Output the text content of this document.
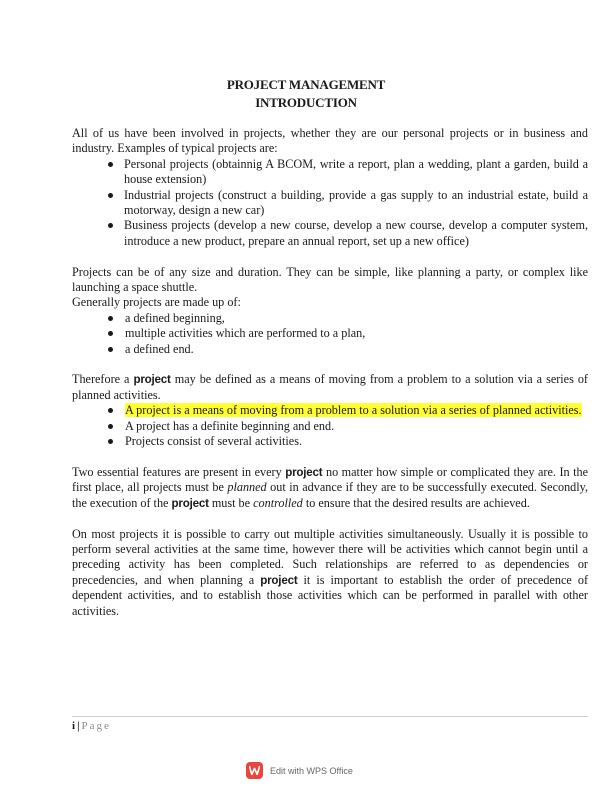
PROJECT MANAGEMENT
INTRODUCTION

All of us have been involved in projects, whether they are our personal projects or in business and industry. Examples of typical projects are:

Personal projects (obtainnig A BCOM, write a report, plan a wedding, plant a garden, build a house extension)
Industrial projects (construct a building, provide a gas supply to an industrial estate, build a motorway, design a new car)
Business projects (develop a new course, develop a new course, develop a computer system, introduce a new product, prepare an annual report, set up a new office)

Projects can be of any size and duration. They can be simple, like planning a party, or complex like launching a space shuttle.

Generally projects are made up of:

a defined beginning,
multiple activities which are performed to a plan,
a defined end.

Therefore a project may be defined as a means of moving from a problem to a solution via a series of planned activities.

A project is a means of moving from a problem to a solution via a series of planned activities.
A project has a definite beginning and end.
Projects consist of several activities.

Two essential features are present in every project no matter how simple or complicated they are. In the first place, all projects must be planned out in advance if they are to be successfully executed. Secondly, the execution of the project must be controlled to ensure that the desired results are achieved.

On most projects it is possible to carry out multiple activities simultaneously. Usually it is possible to perform several activities at the same time, however there will be activities which cannot begin until a preceding activity has been completed. Such relationships are referred to as dependencies or precedencies, and when planning a project it is important to establish the order of precedence of dependent activities, and to establish those activities which can be performed in parallel with other activities.

i | Page
Edit with WPS Office
